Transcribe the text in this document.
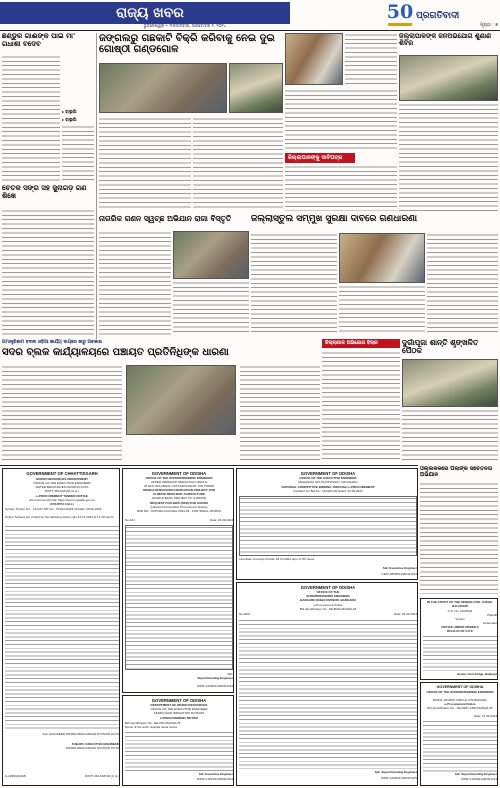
ରାଜ୍ୟ ଖବର
ଭୁବନେଶ୍ୱର • ମଙ୍ଗଳବାର, ଅକ୍ଟୋବର ୧, ୨୦୨୪
50 ପ୍ରଗତିବାଦୀ
ପୃଷ୍ଠା : ୭
ଛିଣ୍ଡୁର ଗାଈଙ୍କ ପାଇଁ ମା' ଗଧାଶା ବଦେବ
▸ ବାଲୁଗାଁ
▸ ବାଲୁଗାଁ
ଚେତକ ସଙ୍ଗ ସହ ଜୁନାଗଡ଼ ଗଣ ଶିଖେ
ଜଙ୍ଗଲରୁ ଗଛକାଟି ବିକ୍ରି କରିବାକୁ ନେଇ ଦୁଇ ଗୋଷ୍ଠୀ ଗଣ୍ଡଗୋଳ
ଜିଲ୍ଲାପାଳଙ୍କୁ ଦାବିପତ୍ର
ଜିଲ୍ଲାପାଳଙ୍କ ଜନଅଭିଯୋଗ ଶୁଣାଣି ଶିବିର
ନାଗରିକ ଗଣନ ସ୍ୱଚ୍ଛ ଅଭିଯାନ ରାଗା ବିସ୍ତୃତି	ଜିଲ୍ଲାସ୍ତୁଲ ସମ୍ମୁଖ ସୁରକ୍ଷା ଦାବିରେ ଗଣଧାରଣା
ଅମାନ୍ତ୍ରିକାମ ବଦୀଳ ଓଡ଼ିଆ କାର୍ଯ୍ୟ ଦାୟରେ ଜାରୁ ଅବକାଶ
ସଦର ବ୍ଲକ କାର୍ଯ୍ୟାଳୟରେ ପଞ୍ଚାୟତ ପ୍ରତିନିଧିଙ୍କ ଧାରଣା
ଜିଲ୍ଲାପାଳ ଅଭିଯୋଗ ବିଚାର	ଦୁର୍ଗାପୂଜା ଶାନ୍ତି ଶୃଙ୍ଖଳିତ ପୈଠକ
ଓଲ୍ଲଳକରେ ପିଲାଙ୍କ ସଚେତନତା ଅଭିଯାନ
GOVERNMENT OF CHHATTISGARH
WATER RESOURCES DEPARTMENT
OFFICE OF THE EXECUTIVE ENGINEER
WATER RESOURCES DIVISION KOTA
DISTT.-BILASPUR (C.G.)
e-PROCUREMENT TENDER NOTICE
«Procurement Portal: https://eproc.cgstate.gov.in»
(FOURTH CALL)
System Tender No. : 147227 NIT No.: 704/AC/2024-25 Date: 28.09.2024
Online Tenders are invited for the following works upto 14.10.2024 at 17:30 Hours
Sub. ENGINEER WATER RESOURCES DIVISION KOTA
SUB-DIV. EXECUTIVE ENGINEER
WATER RESOURCES DIVISION KOTA
G-22900/24/AB	DISTT.-BILASPUR (C.G.)
GOVERNMENT OF ODISHA
OFFICE OF THE SUPERINTENDING ENGINEER
UPPER INDRAVATI IRRIGATION CIRCLE
ATHFO-SALAPADA, DIST-KEONJHAR, PIN 758038
ODISHA INTEGRATED IRRIGATION PROJECT FOR
CLIMATE RESILIENT AGRICULTURE
(WORLD BANK PROJECT ID: P163533)
REQUEST FOR BIDS (RFB) FOR GOODS
(National Competitive Procurement Notice)
RFB NO.: OIIPCRA-UIIC/KEO-2024-25 - FOR SMALL WORKS
No.324	Date: 24.09.2024
Sd/-
Superintending Engineer
OIPR-C2020/11/0006/1224
GOVERNMENT OF ODISHA
OFFICE OF THE EXECUTIVE ENGINEER
MAHANADI SOUTH DIVISION, NAYAGARH
NATIONAL COMPETITIVE BIDDING THROUGH e-PROCUREMENT
Invitation for Bid No.: 11/2024-25 Dated: 30.09.2024
Last date of receipt of bids: 18.10.2024 upto 17:00 hours
Sd/- Executive Engineer
OIPR-18005/11/0010/1224
GOVERNMENT OF ODISHA
DEPARTMENT OF WATER RESOURCES
OFFICE OF THE EXECUTIVE ENGINEER
KENDUJHAR IRRIGATION DIVISION
e-PROCUREMENT NOTICE
Bid Identification No.: EE-KID-05/2024-25
Name of the work: Special repair works
Sd/- Executive Engineer
DIPR-C1203/11/0009/1224
GOVERNMENT OF ODISHA
OFFICE OF THE
SUPERINTENDING ENGINEER
BARGARH (R&B) DIVISION, BARGARH
e-Procurement Notice
Bid Identification No.: SE-BAR-04/2024-25
No.4807	Date: 26.09.2024
Sd/- Superintending Engineer
OIPR-C2020/11/0003/1225
IN THE COURT OF THE SENIOR CIVIL JUDGE, BALANGIR
C.S. No. 120/2024
Plaintiff
Versus
Defendant
NOTICE UNDER ORDER-5
RULE-20 OF C.P.C
Senior Civil Judge, Balangir
GOVERNMENT OF ODISHA
OFFICE OF THE SUPERINTENDING ENGINEER
RURAL WORKS CIRCLE, KANDHAMAL
e-Procurement Notice
Bid Identification No.: SE-RWC-KDM-06/2024-25
Date: 27.09.2024
Sd/- Superintending Engineer
OIPR-C1003/11/0005/1224
